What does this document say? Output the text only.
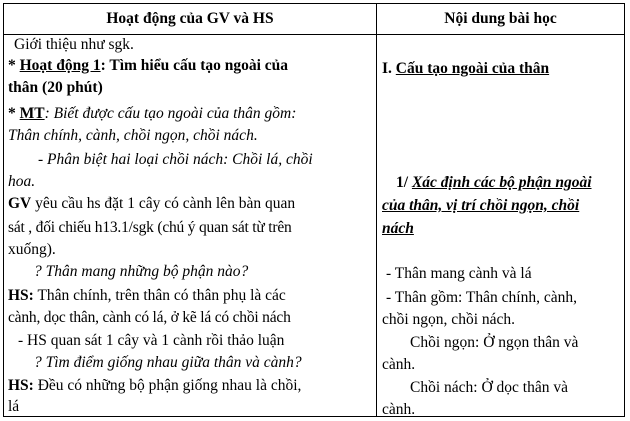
Hoạt động của GV và HS	Nội dung bài học
Giới thiệu như sgk.
* Hoạt động 1: Tìm hiểu cấu tạo ngoài của
thân (20 phút)
* MT: Biết được cấu tạo ngoài của thân gồm:
Thân chính, cành, chồi ngọn, chồi nách.
- Phân biệt hai loại chồi nách: Chồi lá, chồi
hoa.
GV yêu cầu hs đặt 1 cây có cành lên bàn quan
sát , đối chiếu h13.1/sgk (chú ý quan sát từ trên
xuống).
? Thân mang những bộ phận nào?
HS: Thân chính, trên thân có thân phụ là các
cành, dọc thân, cành có lá, ở kẽ lá có chồi nách
- HS quan sát 1 cây và 1 cành rồi thảo luận
? Tìm điểm giống nhau giữa thân và cành?
HS: Đều có những bộ phận giống nhau là chồi,
lá
I. Cấu tạo ngoài của thân
1/ Xác định các bộ phận ngoài
của thân, vị trí chồi ngọn, chồi
nách
- Thân mang cành và lá
- Thân gồm: Thân chính, cành,
chồi ngọn, chồi nách.
Chồi ngọn: Ở ngọn thân và
cành.
Chồi nách: Ở dọc thân và
cành.
